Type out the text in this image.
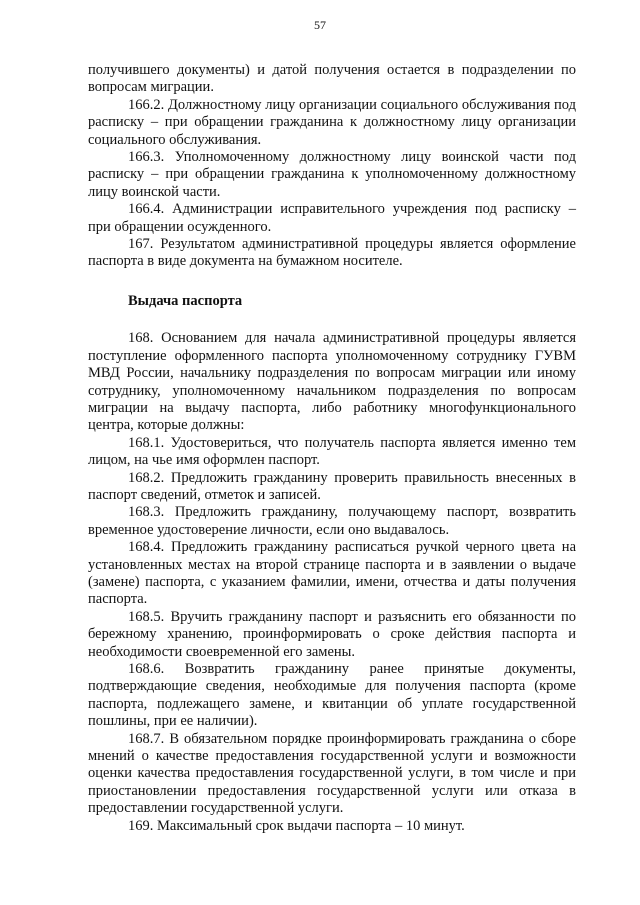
57

получившего документы) и датой получения остается в подразделении по вопросам миграции.

166.2. Должностному лицу организации социального обслуживания под расписку – при обращении гражданина к должностному лицу организации социального обслуживания.

166.3. Уполномоченному должностному лицу воинской части под расписку – при обращении гражданина к уполномоченному должностному лицу воинской части.

166.4. Администрации исправительного учреждения под расписку – при обращении осужденного.

167. Результатом административной процедуры является оформление паспорта в виде документа на бумажном носителе.

Выдача паспорта

168. Основанием для начала административной процедуры является поступление оформленного паспорта уполномоченному сотруднику ГУВМ МВД России, начальнику подразделения по вопросам миграции или иному сотруднику, уполномоченному начальником подразделения по вопросам миграции на выдачу паспорта, либо работнику многофункционального центра, которые должны:

168.1. Удостовериться, что получатель паспорта является именно тем лицом, на чье имя оформлен паспорт.

168.2. Предложить гражданину проверить правильность внесенных в паспорт сведений, отметок и записей.

168.3. Предложить гражданину, получающему паспорт, возвратить временное удостоверение личности, если оно выдавалось.

168.4. Предложить гражданину расписаться ручкой черного цвета на установленных местах на второй странице паспорта и в заявлении о выдаче (замене) паспорта, с указанием фамилии, имени, отчества и даты получения паспорта.

168.5. Вручить гражданину паспорт и разъяснить его обязанности по бережному хранению, проинформировать о сроке действия паспорта и необходимости своевременной его замены.

168.6. Возвратить гражданину ранее принятые документы, подтверждающие сведения, необходимые для получения паспорта (кроме паспорта, подлежащего замене, и квитанции об уплате государственной пошлины, при ее наличии).

168.7. В обязательном порядке проинформировать гражданина о сборе мнений о качестве предоставления государственной услуги и возможности оценки качества предоставления государственной услуги, в том числе и при приостановлении предоставления государственной услуги или отказа в предоставлении государственной услуги.

169. Максимальный срок выдачи паспорта – 10 минут.
